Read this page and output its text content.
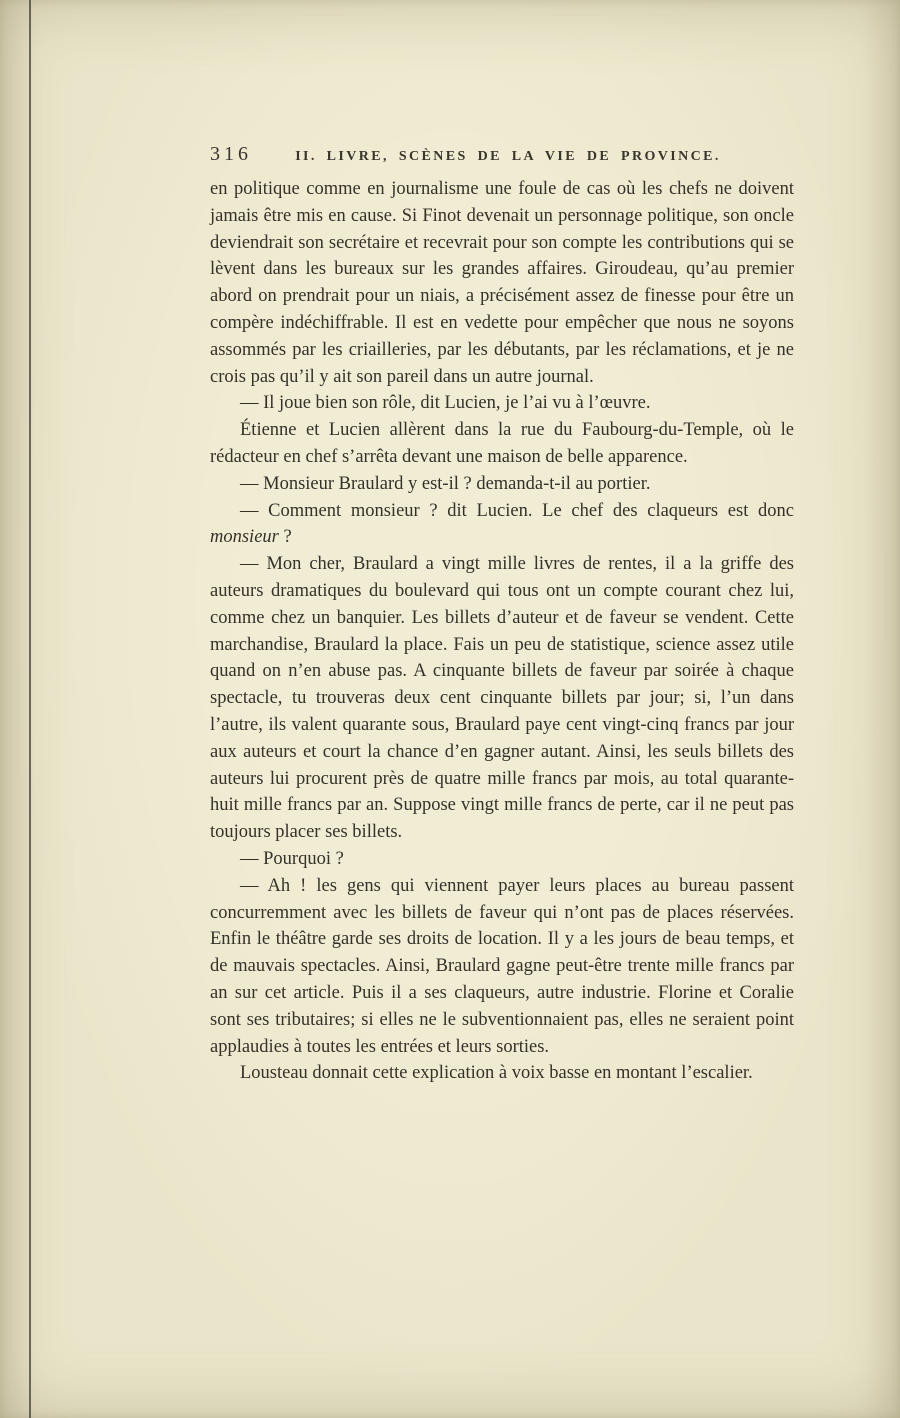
316	II. LIVRE, SCÈNES DE LA VIE DE PROVINCE.

en politique comme en journalisme une foule de cas où les chefs ne doivent jamais être mis en cause. Si Finot devenait un personnage politique, son oncle deviendrait son secrétaire et recevrait pour son compte les contributions qui se lèvent dans les bureaux sur les grandes affaires. Giroudeau, qu’au premier abord on prendrait pour un niais, a précisément assez de finesse pour être un compère indéchiffrable. Il est en vedette pour empêcher que nous ne soyons assommés par les criailleries, par les débutants, par les réclamations, et je ne crois pas qu’il y ait son pareil dans un autre journal.

— Il joue bien son rôle, dit Lucien, je l’ai vu à l’œuvre.

Étienne et Lucien allèrent dans la rue du Faubourg-du-Temple, où le rédacteur en chef s’arrêta devant une maison de belle apparence.

— Monsieur Braulard y est-il ? demanda-t-il au portier.

— Comment monsieur ? dit Lucien. Le chef des claqueurs est donc monsieur ?

— Mon cher, Braulard a vingt mille livres de rentes, il a la griffe des auteurs dramatiques du boulevard qui tous ont un compte courant chez lui, comme chez un banquier. Les billets d’auteur et de faveur se vendent. Cette marchandise, Braulard la place. Fais un peu de statistique, science assez utile quand on n’en abuse pas. A cinquante billets de faveur par soirée à chaque spectacle, tu trouveras deux cent cinquante billets par jour; si, l’un dans l’autre, ils valent quarante sous, Braulard paye cent vingt-cinq francs par jour aux auteurs et court la chance d’en gagner autant. Ainsi, les seuls billets des auteurs lui procurent près de quatre mille francs par mois, au total quarante-huit mille francs par an. Suppose vingt mille francs de perte, car il ne peut pas toujours placer ses billets.

— Pourquoi ?

— Ah ! les gens qui viennent payer leurs places au bureau passent concurremment avec les billets de faveur qui n’ont pas de places réservées. Enfin le théâtre garde ses droits de location. Il y a les jours de beau temps, et de mauvais spectacles. Ainsi, Braulard gagne peut-être trente mille francs par an sur cet article. Puis il a ses claqueurs, autre industrie. Florine et Coralie sont ses tributaires; si elles ne le subventionnaient pas, elles ne seraient point applaudies à toutes les entrées et leurs sorties.

Lousteau donnait cette explication à voix basse en montant l’escalier.
